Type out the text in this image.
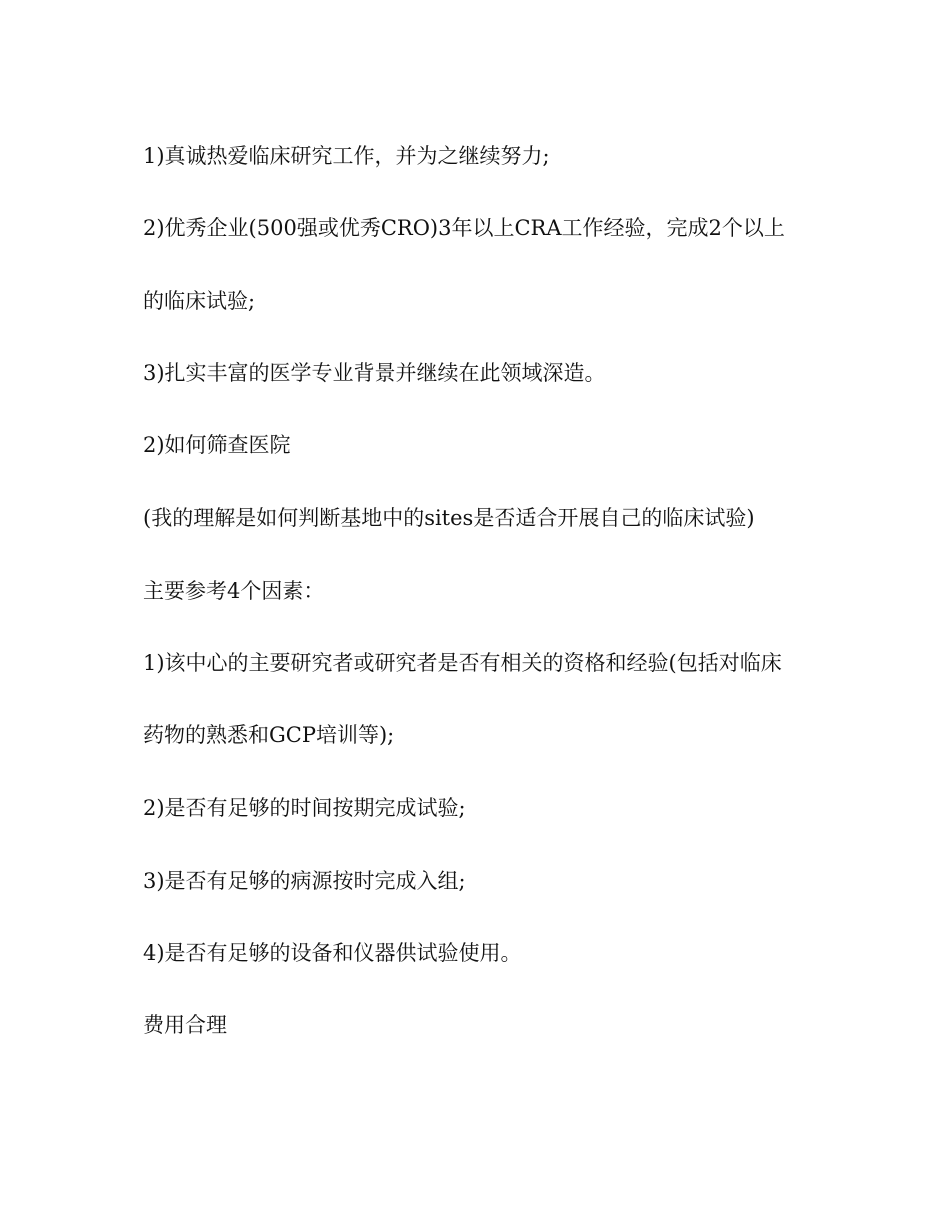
1)真诚热爱临床研究工作，并为之继续努力;

2)优秀企业(500强或优秀CRO)3年以上CRA工作经验，完成2个以上

的临床试验;

3)扎实丰富的医学专业背景并继续在此领域深造。

2)如何筛查医院

(我的理解是如何判断基地中的sites是否适合开展自己的临床试验)

主要参考4个因素：

1)该中心的主要研究者或研究者是否有相关的资格和经验(包括对临床

药物的熟悉和GCP培训等);

2)是否有足够的时间按期完成试验;

3)是否有足够的病源按时完成入组;

4)是否有足够的设备和仪器供试验使用。

费用合理
